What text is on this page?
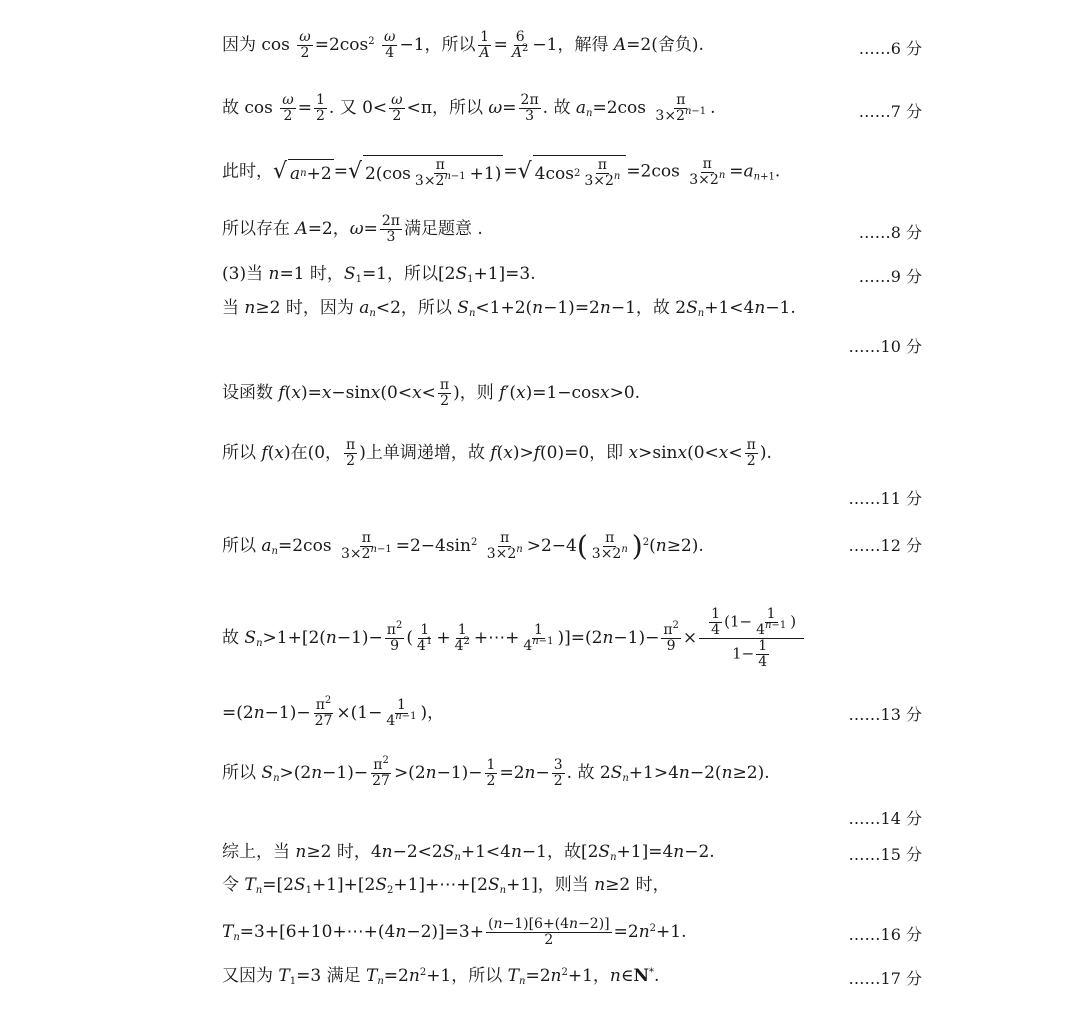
因为 $\cos \frac{\omega}{2} =2\cos^2 \frac{\omega}{4} -1$，所以 $\frac{1}{A} = \frac{6}{A^2} -1$，解得 A=2(舍负).	……6 分
故 $\cos \frac{\omega}{2} = \frac{1}{2}$ . 又 $0< \frac{\omega}{2} <\pi$，所以 $\omega= \frac{2\pi}{3}$ . 故 $a_n=2\cos \frac{\pi}{3\times 2^{n-1}}$ .	……7 分
此时， √ a n +2 = √ $2(\cos \frac{\pi}{3\times 2^{n-1}} +1)$ = √ 4cos $2 \frac{\pi}{3\times 2^n} =2\cos \frac{\pi}{3\times 2^n} =a_{n+1}$.
所以存在 A=2，$\omega= \frac{2\pi}{3}$ 满足题意 .	……8 分
(3)当 n=1 时，$S_1=1$，所以$[2S_1+1]=3$.	……9 分
当 n≥2 时，因为 $a_n<2$，所以 $S_n<1+2(n-1)=2n-1$，故 $2S_n+1<4n-1$.
……10 分
设函数 $f(x)=x-\sin x(0<x< \frac{\pi}{2}$ )，则 f′(x)=1−cosx>0.
所以 f(x)在(0， $\frac{\pi}{2}$ )上单调递增，故 f(x)>f(0)=0，即 $x>\sin x(0<x< \frac{\pi}{2}$ ).
……11 分
所以 $a_n=2\cos \frac{\pi}{3\times 2^{n-1}} =2-4\sin^2 \frac{\pi}{3\times 2^n} >2-4( \frac{\pi}{3\times 2^n} )^2(n\ge 2)$.	……12 分
故 $S_n>1+[2(n-1)- \frac{\pi^2}{9}$ ( $\frac{1}{4^1} + \frac{1}{4^2}$ +⋯+ $\frac{1}{4^{n-1}} )]=(2n-1)- \frac{\pi^2}{9} \times \frac{\frac{1}{4} (1- \frac{1}{4^{n-1}} )}{1- \frac{1}{4}}$
$=(2n-1)- \frac{\pi^2}{27} \times(1- \frac{1}{4^{n-1}}$ )，	……13 分
所以 $S_n>(2n-1)- \frac{\pi^2}{27} >(2n-1)- \frac{1}{2} =2n- \frac{3}{2}$ . 故 $2S_n+1>4n-2(n\ge 2)$.
……14 分
综上，当 n≥2 时，$4n-2<2S_n+1<4n-1$，故$[2S_n+1]=4n-2$.	……15 分
令 $T_n=[2S_1+1]+[2S_2+1]+\cdots+[2S_n+1]$，则当 n≥2 时，
$T_n=3+[6+10+\cdots+(4n-2)]=3+ \frac{(n-1)[6+(4n-2)]}{2} =2n^2+1$.	……16 分
又因为 $T_1=3$ 满足 $T_n=2n^2+1$，所以 $T_n=2n^2+1$，n∈N*.	……17 分
